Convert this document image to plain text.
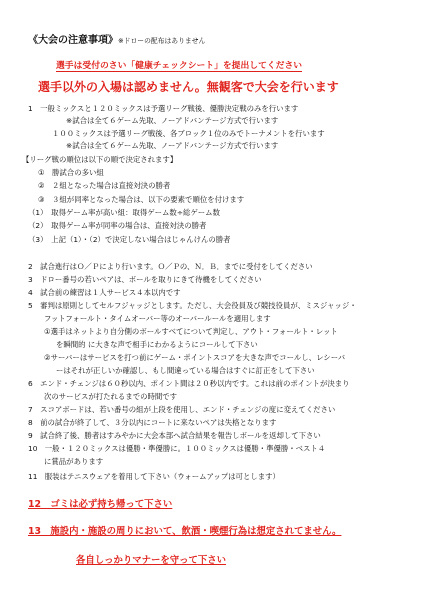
《大会の注意事項》※ドローの配布はありません
選手は受付のさい「健康チェックシート」を提出してください
選手以外の入場は認めません。無観客で大会を行います
1　一般ミックスと１２０ミックスは予選リーグ戦後、優勝決定戦のみを行います
※試合は全て６ゲーム先取、ノーアドバンテージ方式で行います
１００ミックスは予選リーグ戦後、各ブロック１位のみでトーナメントを行います
※試合は全て６ゲーム先取、ノーアドバンテージ方式で行います
【リーグ戦の順位は以下の順で決定されます】
①　勝試合の多い組
②　２組となった場合は直接対決の勝者
③　３組が同率となった場合は、以下の要素で順位を付けます
（1）　取得ゲーム率が高い組：取得ゲーム数÷総ゲーム数
（2）　取得ゲーム率が同率の場合は、直接対決の勝者
（3）　上記（1）・（2）で決定しない場合はじゃんけんの勝者
2　試合進行はＯ／Ｐにより行います。Ｏ／Ｐの、Ｎ．Ｂ．までに受付をしてください
3　ドロー番号の若いペアは、ボールを取りにきて待機をしてください
4　試合前の練習は１人サービス４本以内です
5　審判は原則としてセルフジャッジとします。ただし、大会役員及び競技役員が、ミスジャッジ・
フットフォールト・タイムオーバー等のオーバールールを適用します
①選手はネットより自分側のボールすべてについて判定し、アウト・フォールト・レット
を瞬間的 に大きな声で相手にわかるようにコールして下さい
②サーバーはサービスを打つ前にゲーム・ポイントスコアを大きな声でコールし、レシーバ
ーはそれが正しいか確認し、もし間違っている場合はすぐに訂正をして下さい
6　エンド・チェンジは６０秒以内、ポイント間は２０秒以内です。これは前のポイントが決まり
次のサービスが打たれるまでの時間です
7　スコアボードは、若い番号の組が上段を使用し、エンド・チェンジの度に変えてください
8　前の試合が終了して、３分以内にコートに来ないペアは失格となります
9　試合終了後、勝者はすみやかに大会本部へ試合結果を報告しボールを返却して下さい
10　一般・１２０ミックスは優勝・準優勝に。１００ミックスは優勝・準優勝・ベスト４
に賞品があります
11　服装はテニスウェアを着用して下さい（ウォームアップは可とします）
12　ゴミは必ず持ち帰って下さい
13　施設内・施設の周りにおいて、飲酒・喫煙行為は想定されてません。
各自しっかりマナーを守って下さい
